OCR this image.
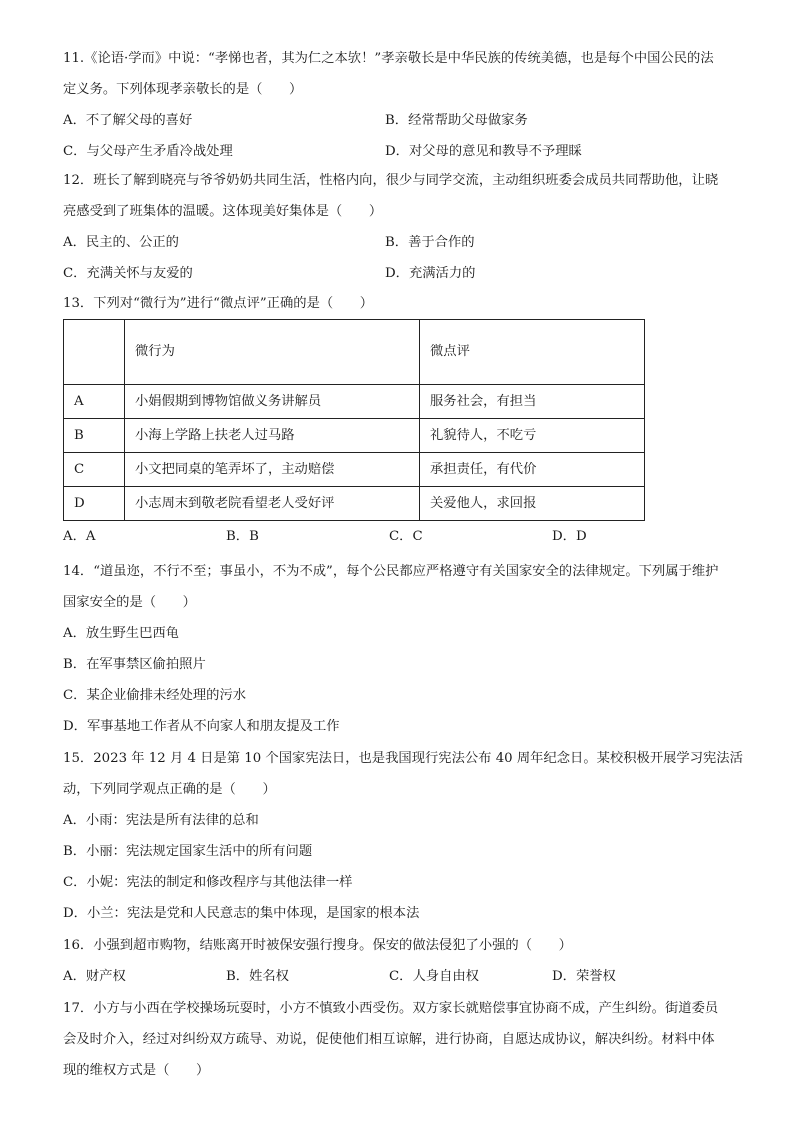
11.《论语·学而》中说：“孝悌也者，其为仁之本欤！”孝亲敬长是中华民族的传统美德，也是每个中国公民的法
定义务。下列体现孝亲敬长的是（　　）
A．不了解父母的喜好	B．经常帮助父母做家务
C．与父母产生矛盾冷战处理	D．对父母的意见和教导不予理睬
12．班长了解到晓亮与爷爷奶奶共同生活，性格内向，很少与同学交流，主动组织班委会成员共同帮助他，让晓
亮感受到了班集体的温暖。这体现美好集体是（　　）
A．民主的、公正的	B．善于合作的
C．充满关怀与友爱的	D．充满活力的
13．下列对“微行为”进行“微点评”正确的是（　　）
	微行为	微点评
A	小娟假期到博物馆做义务讲解员	服务社会，有担当
B	小海上学路上扶老人过马路	礼貌待人，不吃亏
C	小文把同桌的笔弄坏了，主动赔偿	承担责任，有代价
D	小志周末到敬老院看望老人受好评	关爱他人，求回报
A．A	B．B	C．C	D．D
14．“道虽迩，不行不至；事虽小，不为不成”，每个公民都应严格遵守有关国家安全的法律规定。下列属于维护
国家安全的是（　　）
A．放生野生巴西龟
B．在军事禁区偷拍照片
C．某企业偷排未经处理的污水
D．军事基地工作者从不向家人和朋友提及工作
15．2023 年 12 月 4 日是第 10 个国家宪法日，也是我国现行宪法公布 40 周年纪念日。某校积极开展学习宪法活
动，下列同学观点正确的是（　　）
A．小雨：宪法是所有法律的总和
B．小丽：宪法规定国家生活中的所有问题
C．小妮：宪法的制定和修改程序与其他法律一样
D．小兰：宪法是党和人民意志的集中体现，是国家的根本法
16．小强到超市购物，结账离开时被保安强行搜身。保安的做法侵犯了小强的（　　）
A．财产权	B．姓名权	C．人身自由权	D．荣誉权
17．小方与小西在学校操场玩耍时，小方不慎致小西受伤。双方家长就赔偿事宜协商不成，产生纠纷。街道委员
会及时介入，经过对纠纷双方疏导、劝说，促使他们相互谅解，进行协商，自愿达成协议，解决纠纷。材料中体
现的维权方式是（　　）
